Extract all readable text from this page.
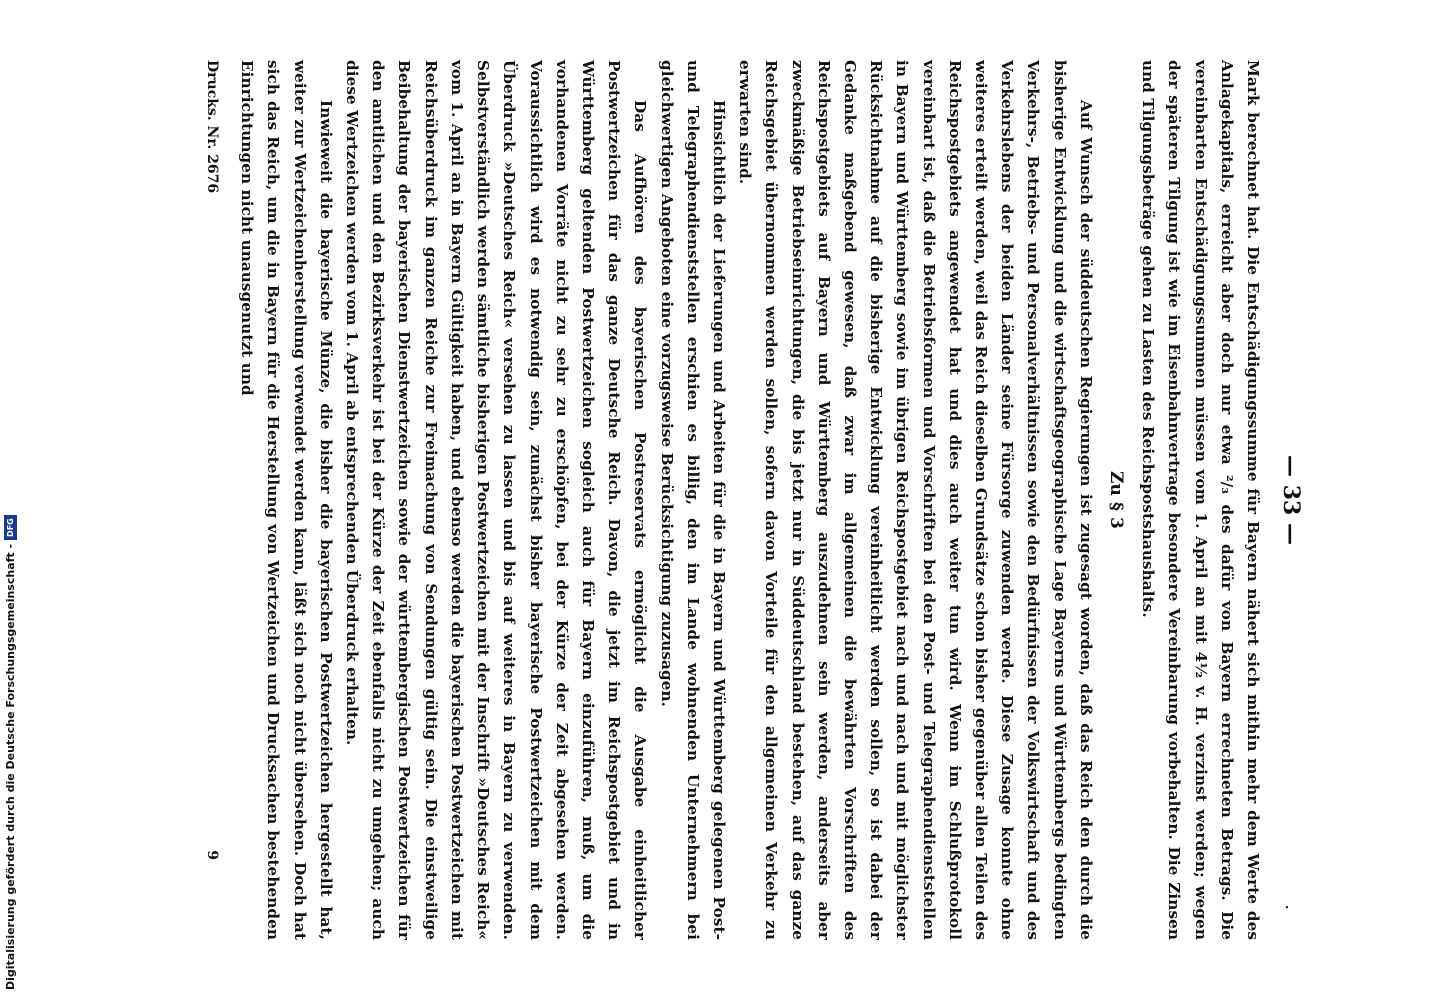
Digitalisierung gefördert durch die Deutsche Forschungsgemeinschaft -
DFG	— 33 —
.

Mark berechnet hat. Die Entschädigungssumme für Bayern nähert sich mithin mehr dem Werte des Anlagekapitals, erreicht aber doch nur etwa ²/₃ des dafür von Bayern errechneten Betrags. Die vereinbarten Entschädigungssummen müssen vom 1. April an mit 4½ v. H. verzinst werden; wegen der späteren Tilgung ist wie im Eisenbahnvertrage besondere Vereinbarung vorbehalten. Die Zinsen und Tilgungsbeträge gehen zu Lasten des Reichspostshaushalts.

Zu § 3

Auf Wunsch der süddeutschen Regierungen ist zugesagt worden, daß das Reich den durch die bisherige Entwicklung und die wirtschaftsgeographische Lage Bayerns und Württembergs bedingten Verkehrs-, Betriebs- und Personalverhältnissen sowie den Bedürfnissen der Volkswirtschaft und des Verkehrslebens der beiden Länder seine Fürsorge zuwenden werde. Diese Zusage konnte ohne weiteres erteilt werden, weil das Reich dieselben Grundsätze schon bisher gegenüber allen Teilen des Reichspostgebiets angewendet hat und dies auch weiter tun wird. Wenn im Schlußprotokoll vereinbart ist, daß die Betriebsformen und Vorschriften bei den Post- und Telegraphendienststellen in Bayern und Württemberg sowie im übrigen Reichspostgebiet nach und nach und mit möglichster Rücksichtnahme auf die bisherige Entwicklung vereinheitlicht werden sollen, so ist dabei der Gedanke maßgebend gewesen, daß zwar im allgemeinen die bewährten Vorschriften des Reichspostgebiets auf Bayern und Württemberg auszudehnen sein werden, anderseits aber zweckmäßige Betriebseinrichtungen, die bis jetzt nur in Süddeutschland bestehen, auf das ganze Reichsgebiet übernommen werden sollen, sofern davon Vorteile für den allgemeinen Verkehr zu erwarten sind.

Hinsichtlich der Lieferungen und Arbeiten für die in Bayern und Württemberg gelegenen Post- und Telegraphendienststellen erschien es billig, den im Lande wohnenden Unternehmern bei gleichwertigen Angeboten eine vorzugsweise Berücksichtigung zuzusagen.

Das Aufhören des bayerischen Postreservats ermöglicht die Ausgabe einheitlicher Postwertzeichen für das ganze Deutsche Reich. Davon, die jetzt im Reichspostgebiet und in Württemberg geltenden Postwertzeichen sogleich auch für Bayern einzuführen, muß, um die vorhandenen Vorräte nicht zu sehr zu erschöpfen, bei der Kürze der Zeit abgesehen werden. Voraussichtlich wird es notwendig sein, zunächst bisher bayerische Postwertzeichen mit dem Überdruck »Deutsches Reich« versehen zu lassen und bis auf weiteres in Bayern zu verwenden. Selbstverständlich werden sämtliche bisherigen Postwertzeichen mit der Inschrift »Deutsches Reich« vom 1. April an in Bayern Gültigkeit haben, und ebenso werden die bayerischen Postwertzeichen mit Reichsüberdruck im ganzen Reiche zur Freimachung von Sendungen gültig sein. Die einstweilige Beibehaltung der bayerischen Dienstwertzeichen sowie der württembergischen Postwertzeichen für den amtlichen und den Bezirksverkehr ist bei der Kürze der Zeit ebenfalls nicht zu umgehen; auch diese Wertzeichen werden vom 1. April ab entsprechenden Überdruck erhalten.

Inwieweit die bayerische Münze, die bisher die bayerischen Postwertzeichen hergestellt hat, weiter zur Wertzeichenherstellung verwendet werden kann, läßt sich noch nicht übersehen. Doch hat sich das Reich, um die in Bayern für die Herstellung von Wertzeichen und Drucksachen bestehenden Einrichtungen nicht unausgenutzt und

Drucks. Nr. 2676
9
